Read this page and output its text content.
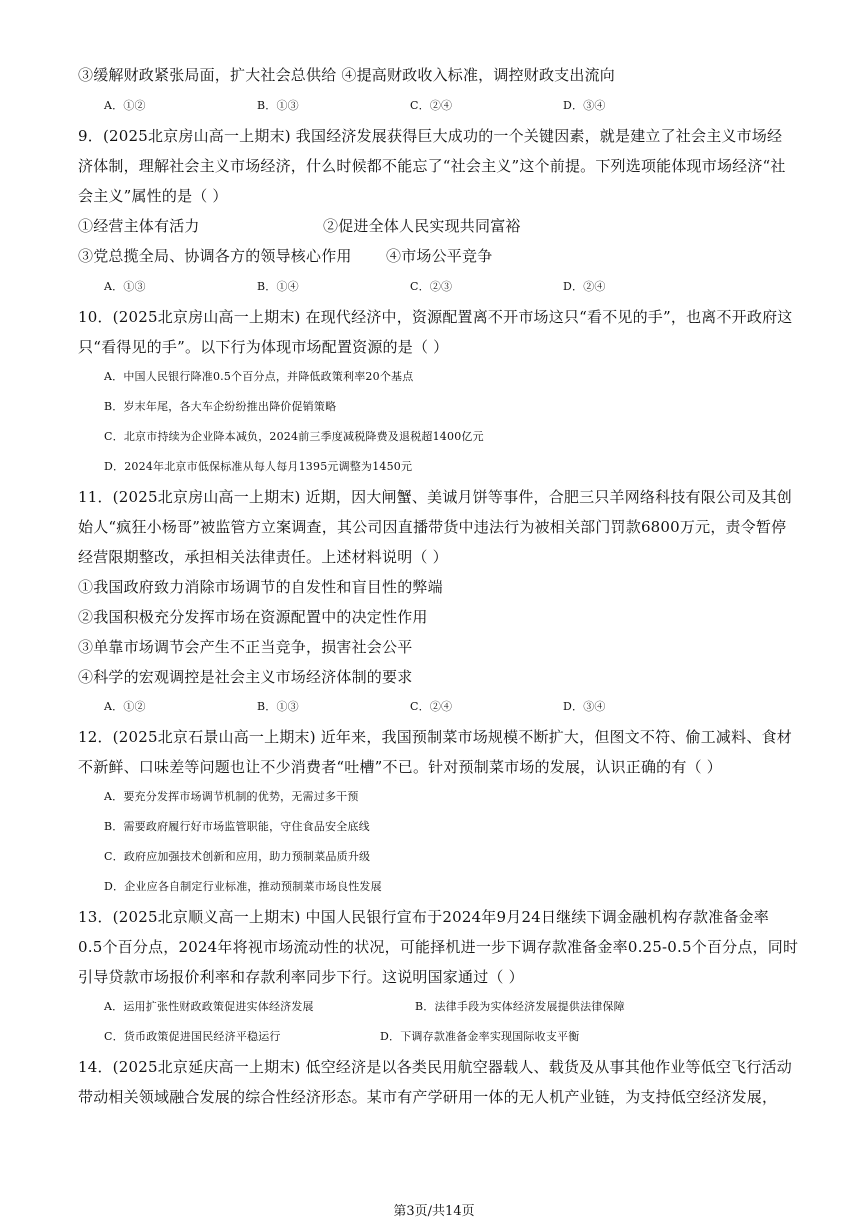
③缓解财政紧张局面，扩大社会总供给 ④提高财政收入标准，调控财政支出流向
A．①②	B．①③	C．②④	D．③④
9．(2025北京房山高一上期末) 我国经济发展获得巨大成功的一个关键因素，就是建立了社会主义市场经
济体制，理解社会主义市场经济，什么时候都不能忘了“社会主义”这个前提。下列选项能体现市场经济“社
会主义”属性的是（ ）
①经营主体有活力	②促进全体人民实现共同富裕
③党总揽全局、协调各方的领导核心作用	④市场公平竞争
A．①③	B．①④	C．②③	D．②④
10．(2025北京房山高一上期末) 在现代经济中，资源配置离不开市场这只“看不见的手”，也离不开政府这
只“看得见的手”。以下行为体现市场配置资源的是（ ）
A．中国人民银行降准0.5个百分点，并降低政策利率20个基点
B．岁末年尾，各大车企纷纷推出降价促销策略
C．北京市持续为企业降本减负，2024前三季度减税降费及退税超1400亿元
D．2024年北京市低保标准从每人每月1395元调整为1450元
11．(2025北京房山高一上期末) 近期，因大闸蟹、美诚月饼等事件，合肥三只羊网络科技有限公司及其创
始人“疯狂小杨哥”被监管方立案调查，其公司因直播带货中违法行为被相关部门罚款6800万元，责令暂停
经营限期整改，承担相关法律责任。上述材料说明（ ）
①我国政府致力消除市场调节的自发性和盲目性的弊端
②我国积极充分发挥市场在资源配置中的决定性作用
③单靠市场调节会产生不正当竞争，损害社会公平
④科学的宏观调控是社会主义市场经济体制的要求
A．①②	B．①③	C．②④	D．③④
12．(2025北京石景山高一上期末) 近年来，我国预制菜市场规模不断扩大，但图文不符、偷工减料、食材
不新鲜、口味差等问题也让不少消费者“吐槽”不已。针对预制菜市场的发展，认识正确的有（ ）
A．要充分发挥市场调节机制的优势，无需过多干预
B．需要政府履行好市场监管职能，守住食品安全底线
C．政府应加强技术创新和应用，助力预制菜品质升级
D．企业应各自制定行业标准，推动预制菜市场良性发展
13．(2025北京顺义高一上期末) 中国人民银行宣布于2024年9月24日继续下调金融机构存款准备金率
0.5个百分点，2024年将视市场流动性的状况，可能择机进一步下调存款准备金率0.25-0.5个百分点，同时
引导贷款市场报价利率和存款利率同步下行。这说明国家通过（ ）
A．运用扩张性财政政策促进实体经济发展	B．法律手段为实体经济发展提供法律保障
C．货币政策促进国民经济平稳运行	D．下调存款准备金率实现国际收支平衡
14．(2025北京延庆高一上期末) 低空经济是以各类民用航空器载人、载货及从事其他作业等低空飞行活动
带动相关领域融合发展的综合性经济形态。某市有产学研用一体的无人机产业链，为支持低空经济发展，
第3页/共14页
